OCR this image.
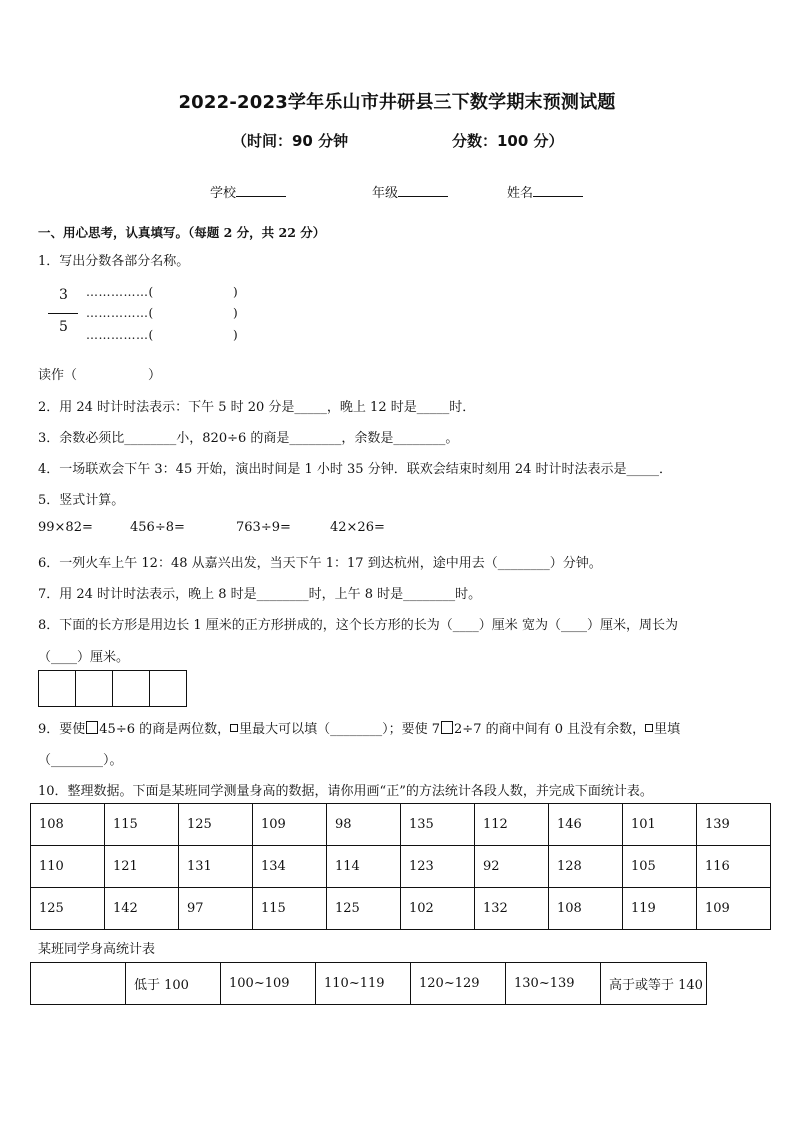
2022-2023学年乐山市井研县三下数学期末预测试题
（时间：90 分钟	分数：100 分）
学校	年级	姓名
一、用心思考，认真填写。（每题 2 分，共 22 分）
1．写出分数各部分名称。
3
5
……………(	)
……………(	)
……………(	)
读作（	）
2．用 24 时计时法表示：下午 5 时 20 分是_____，晚上 12 时是_____时．
3．余数必须比________小，820÷6 的商是________，余数是________。
4．一场联欢会下午 3：45 开始，演出时间是 1 小时 35 分钟．联欢会结束时刻用 24 时计时法表示是_____．
5．竖式计算。
99×82=	456÷8=	763÷9=	42×26=
6．一列火车上午 12：48 从嘉兴出发，当天下午 1：17 到达杭州，途中用去（________）分钟。
7．用 24 时计时法表示，晚上 8 时是________时，上午 8 时是________时。
8．下面的长方形是用边长 1 厘米的正方形拼成的，这个长方形的长为（____）厘米 宽为（____）厘米，周长为
（____）厘米。
9．要使 45÷6 的商是两位数， 里最大可以填（________）；要使 7 2÷7 的商中间有 0 且没有余数， 里填
（________）。
10．整理数据。下面是某班同学测量身高的数据，请你用画“正”的方法统计各段人数，并完成下面统计表。
108	115	125	109	98	135	112	146	101	139
110	121	131	134	114	123	92	128	105	116
125	142	97	115	125	102	132	108	119	109
某班同学身高统计表
	低于 100	100~109	110~119	120~129	130~139	高于或等于 140
